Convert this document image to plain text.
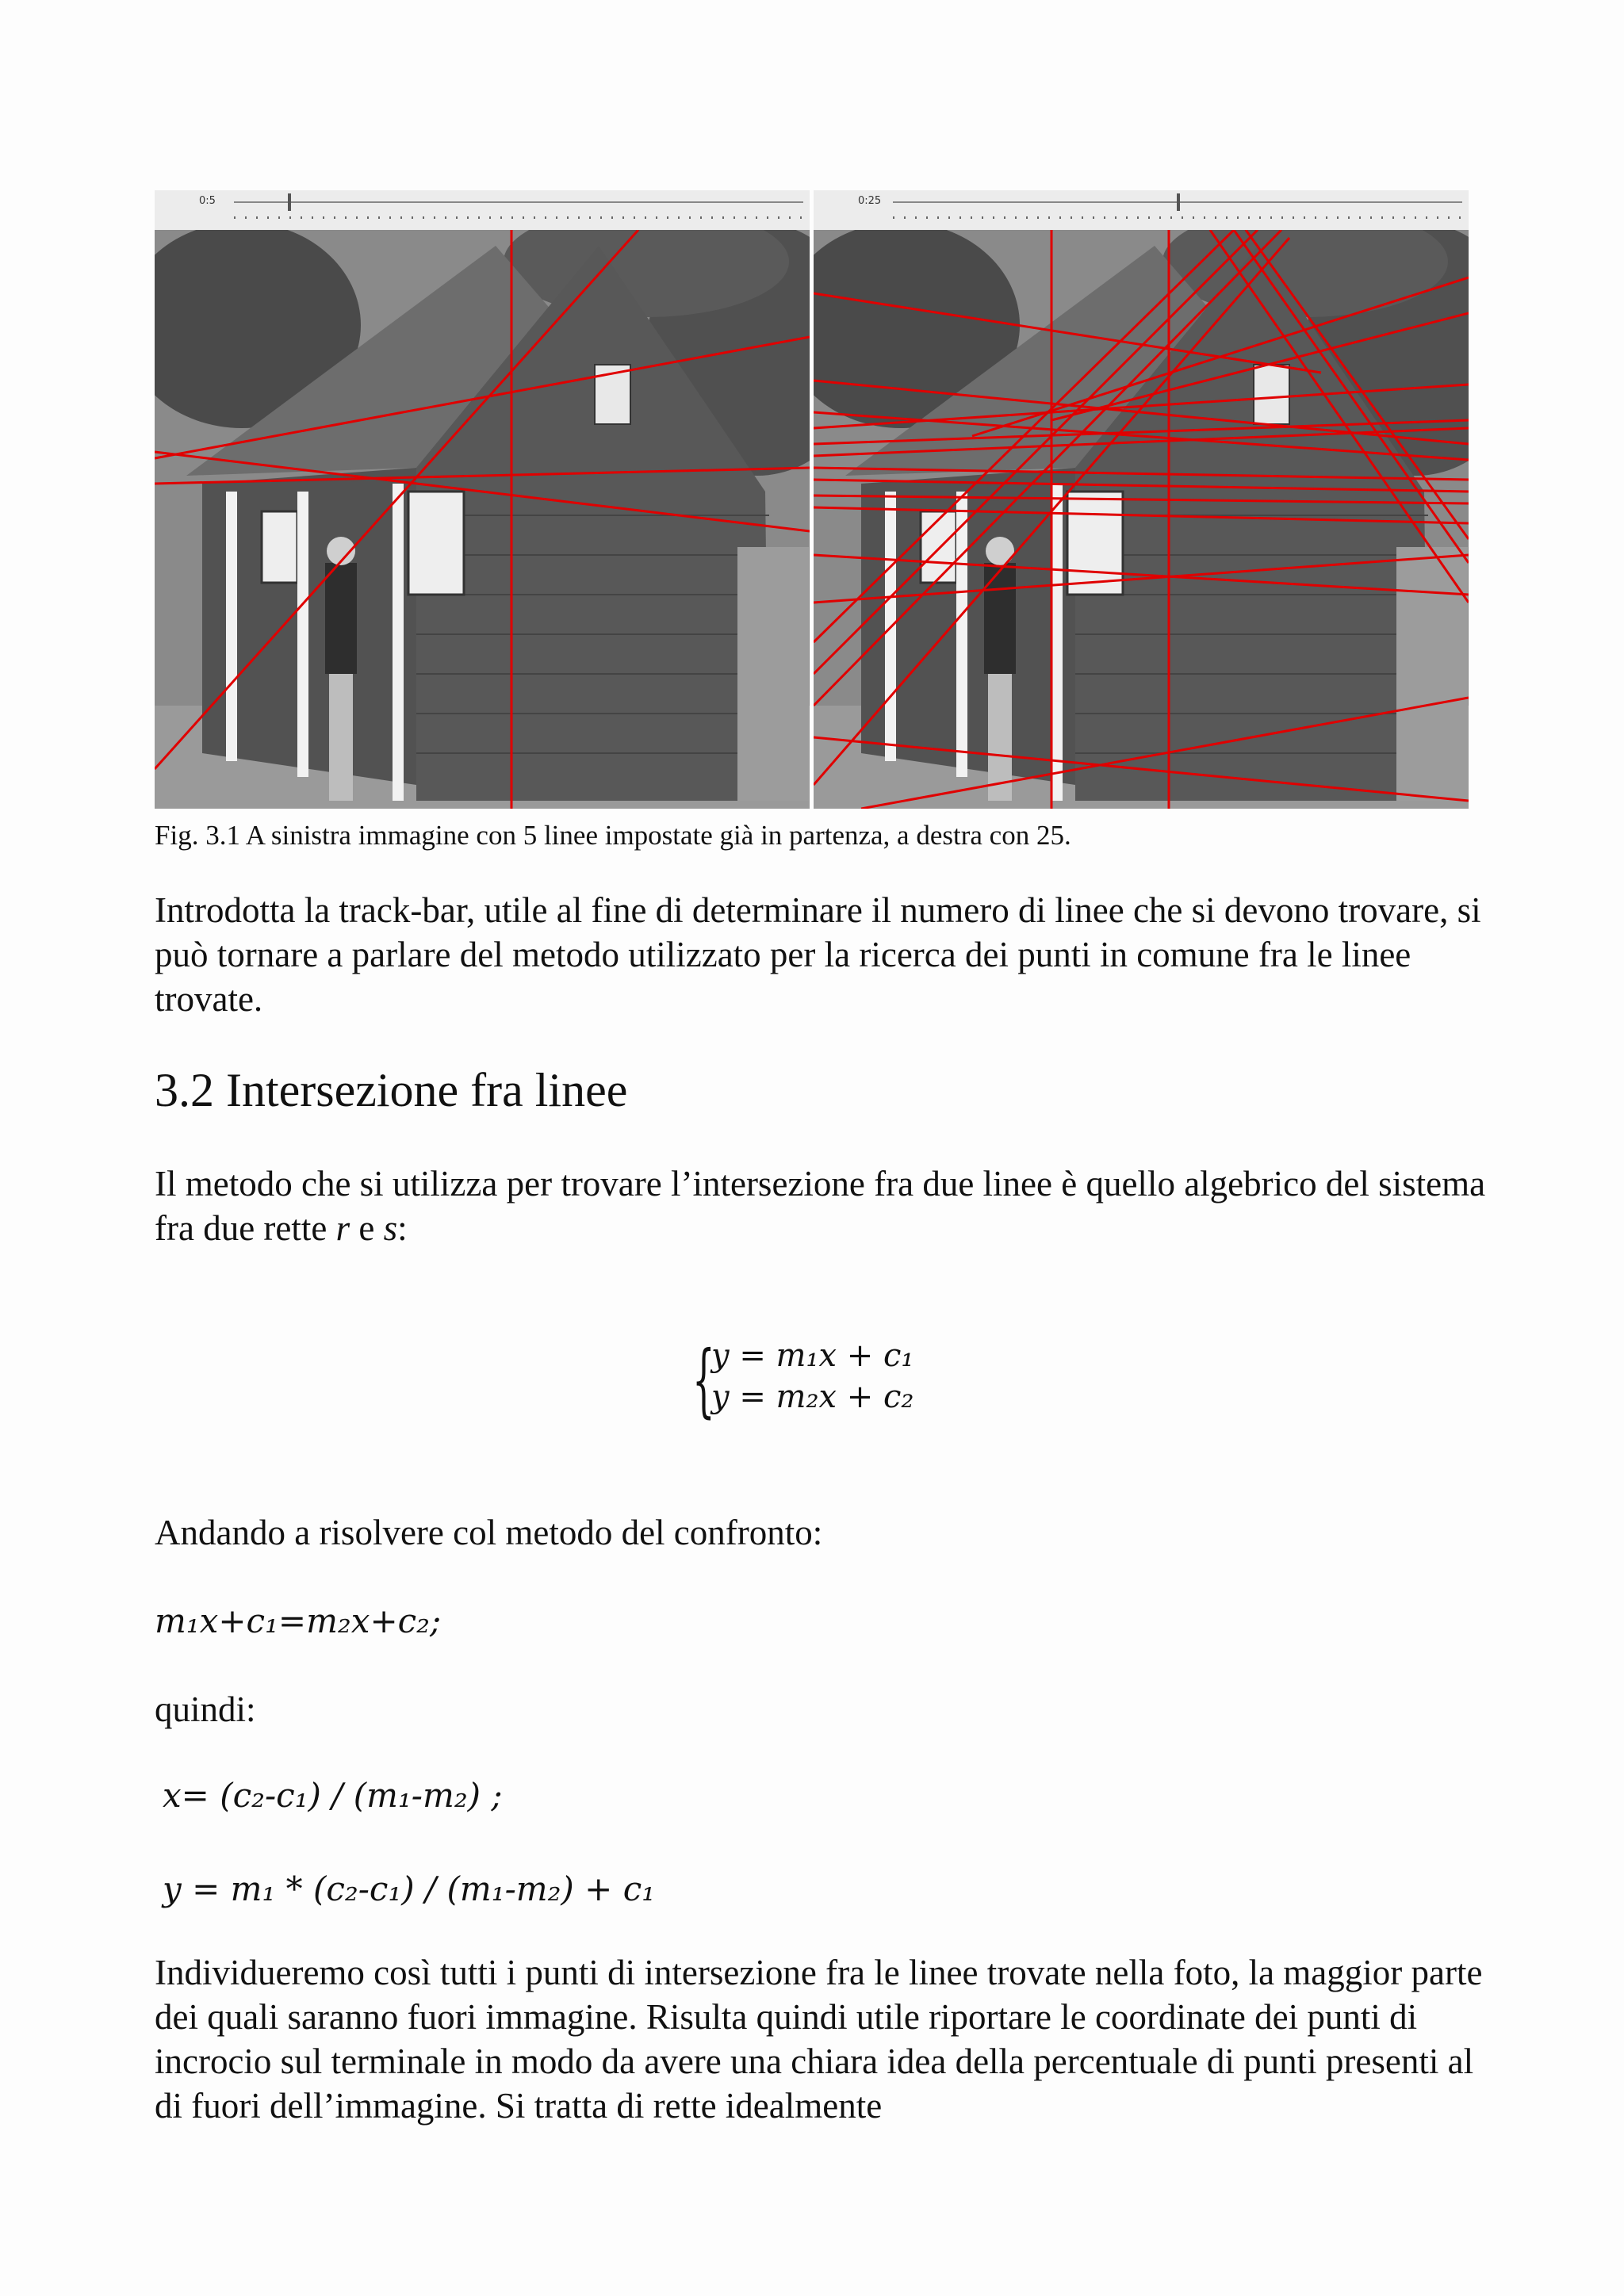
0:5	0:25
Fig. 3.1 A sinistra immagine con 5 linee impostate già in partenza, a destra con 25.

Introdotta la track-bar, utile al fine di determinare il numero di linee che si devono trovare, si può tornare a parlare del metodo utilizzato per la ricerca dei punti in comune fra le linee trovate.

3.2 Intersezione fra linee

Il metodo che si utilizza per trovare l’intersezione fra due linee è quello algebrico del sistema fra due rette r e s:

{
y = m₁x + c₁
y = m₂x + c₂

Andando a risolvere col metodo del confronto:

m₁x+c₁=m₂x+c₂;

quindi:

x= (c₂-c₁) / (m₁-m₂) ;
y = m₁ * (c₂-c₁) / (m₁-m₂) + c₁

Individueremo così tutti i punti di intersezione fra le linee trovate nella foto, la maggior parte dei quali saranno fuori immagine. Risulta quindi utile riportare le coordinate dei punti di incrocio sul terminale in modo da avere una chiara idea della percentuale di punti presenti al di fuori dell’immagine. Si tratta di rette idealmente
